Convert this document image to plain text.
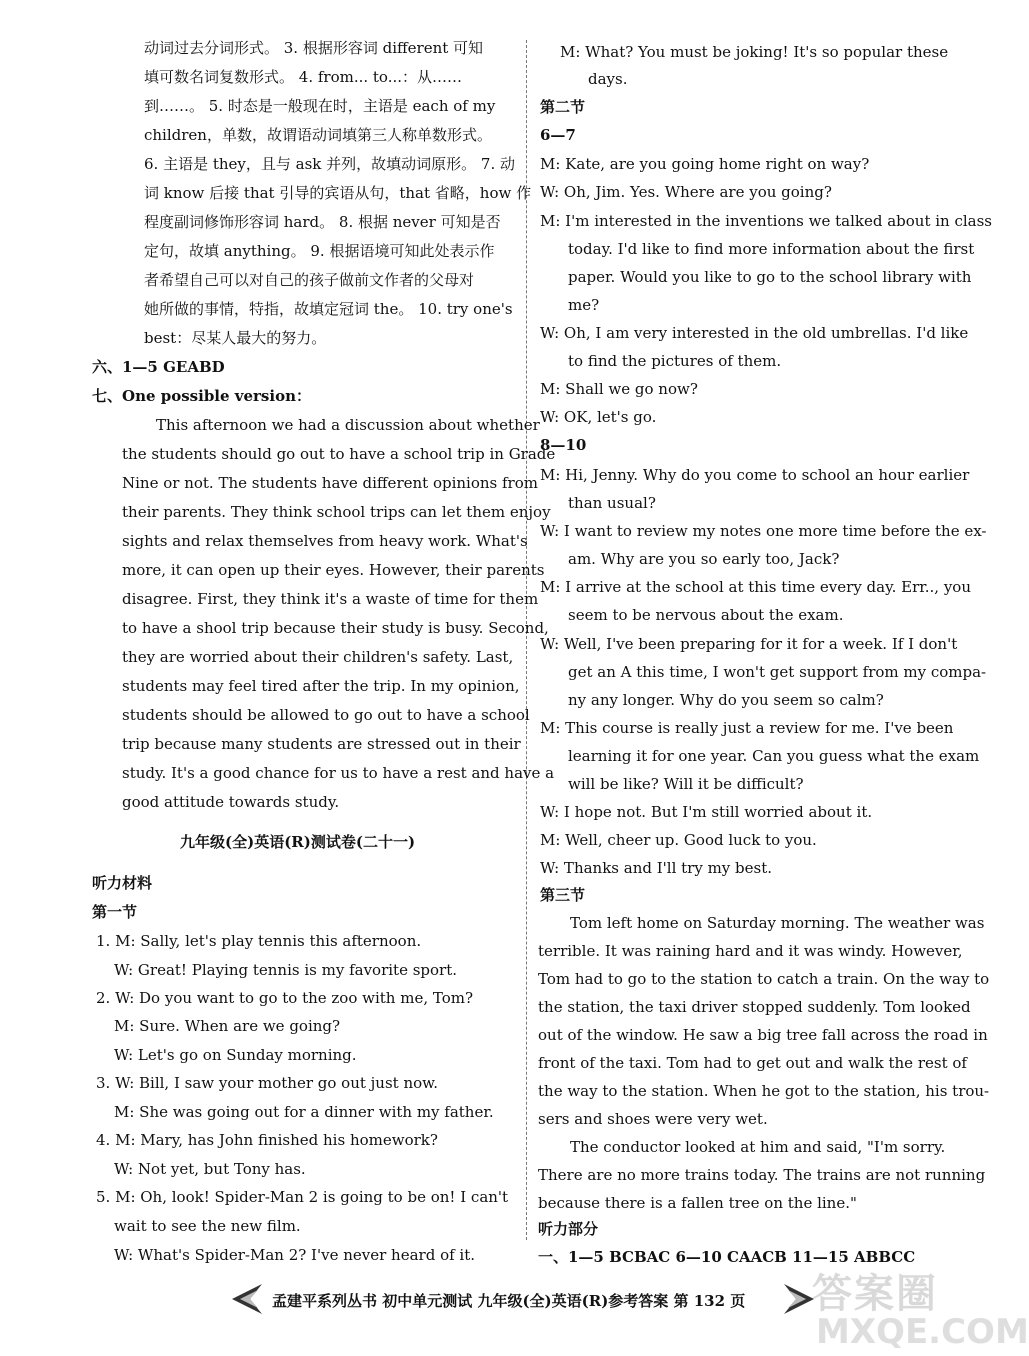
动词过去分词形式。 3. 根据形容词 different 可知
填可数名词复数形式。 4. from... to...：从……
到……。 5. 时态是一般现在时，主语是 each of my
children，单数，故谓语动词填第三人称单数形式。
6. 主语是 they，且与 ask 并列，故填动词原形。 7. 动
词 know 后接 that 引导的宾语从句，that 省略，how 作
程度副词修饰形容词 hard。 8. 根据 never 可知是否
定句，故填 anything。 9. 根据语境可知此处表示作
者希望自己可以对自己的孩子做前文作者的父母对
她所做的事情，特指，故填定冠词 the。 10. try one's
best：尽某人最大的努力。
六、1—5 GEABD
七、One possible version：
This afternoon we had a discussion about whether
the students should go out to have a school trip in Grade
Nine or not. The students have different opinions from
their parents. They think school trips can let them enjoy
sights and relax themselves from heavy work. What's
more, it can open up their eyes. However, their parents
disagree. First, they think it's a waste of time for them
to have a shool trip because their study is busy. Second,
they are worried about their children's safety. Last,
students may feel tired after the trip. In my opinion,
students should be allowed to go out to have a school
trip because many students are stressed out in their
study. It's a good chance for us to have a rest and have a
good attitude towards study.
九年级(全)英语(R)测试卷(二十一)
听力材料
第一节
1. M: Sally, let's play tennis this afternoon.
W: Great! Playing tennis is my favorite sport.
2. W: Do you want to go to the zoo with me, Tom?
M: Sure. When are we going?
W: Let's go on Sunday morning.
3. W: Bill, I saw your mother go out just now.
M: She was going out for a dinner with my father.
4. M: Mary, has John finished his homework?
W: Not yet, but Tony has.
5. M: Oh, look! Spider-Man 2 is going to be on! I can't
wait to see the new film.
W: What's Spider-Man 2? I've never heard of it.
M: What? You must be joking! It's so popular these
days.
第二节
6—7
M: Kate, are you going home right on way?
W: Oh, Jim. Yes. Where are you going?
M: I'm interested in the inventions we talked about in class
today. I'd like to find more information about the first
paper. Would you like to go to the school library with
me?
W: Oh, I am very interested in the old umbrellas. I'd like
to find the pictures of them.
M: Shall we go now?
W: OK, let's go.
8—10
M: Hi, Jenny. Why do you come to school an hour earlier
than usual?
W: I want to review my notes one more time before the ex-
am. Why are you so early too, Jack?
M: I arrive at the school at this time every day. Err.., you
seem to be nervous about the exam.
W: Well, I've been preparing for it for a week. If I don't
get an A this time, I won't get support from my compa-
ny any longer. Why do you seem so calm?
M: This course is really just a review for me. I've been
learning it for one year. Can you guess what the exam
will be like? Will it be difficult?
W: I hope not. But I'm still worried about it.
M: Well, cheer up. Good luck to you.
W: Thanks and I'll try my best.
第三节
Tom left home on Saturday morning. The weather was
terrible. It was raining hard and it was windy. However,
Tom had to go to the station to catch a train. On the way to
the station, the taxi driver stopped suddenly. Tom looked
out of the window. He saw a big tree fall across the road in
front of the taxi. Tom had to get out and walk the rest of
the way to the station. When he got to the station, his trou-
sers and shoes were very wet.
The conductor looked at him and said, "I'm sorry.
There are no more trains today. The trains are not running
because there is a fallen tree on the line."
听力部分
一、1—5 BCBAC 6—10 CAACB 11—15 ABBCC
孟建平系列丛书 初中单元测试 九年级(全)英语(R)参考答案 第 132 页 答案圈
MXQE.COM
